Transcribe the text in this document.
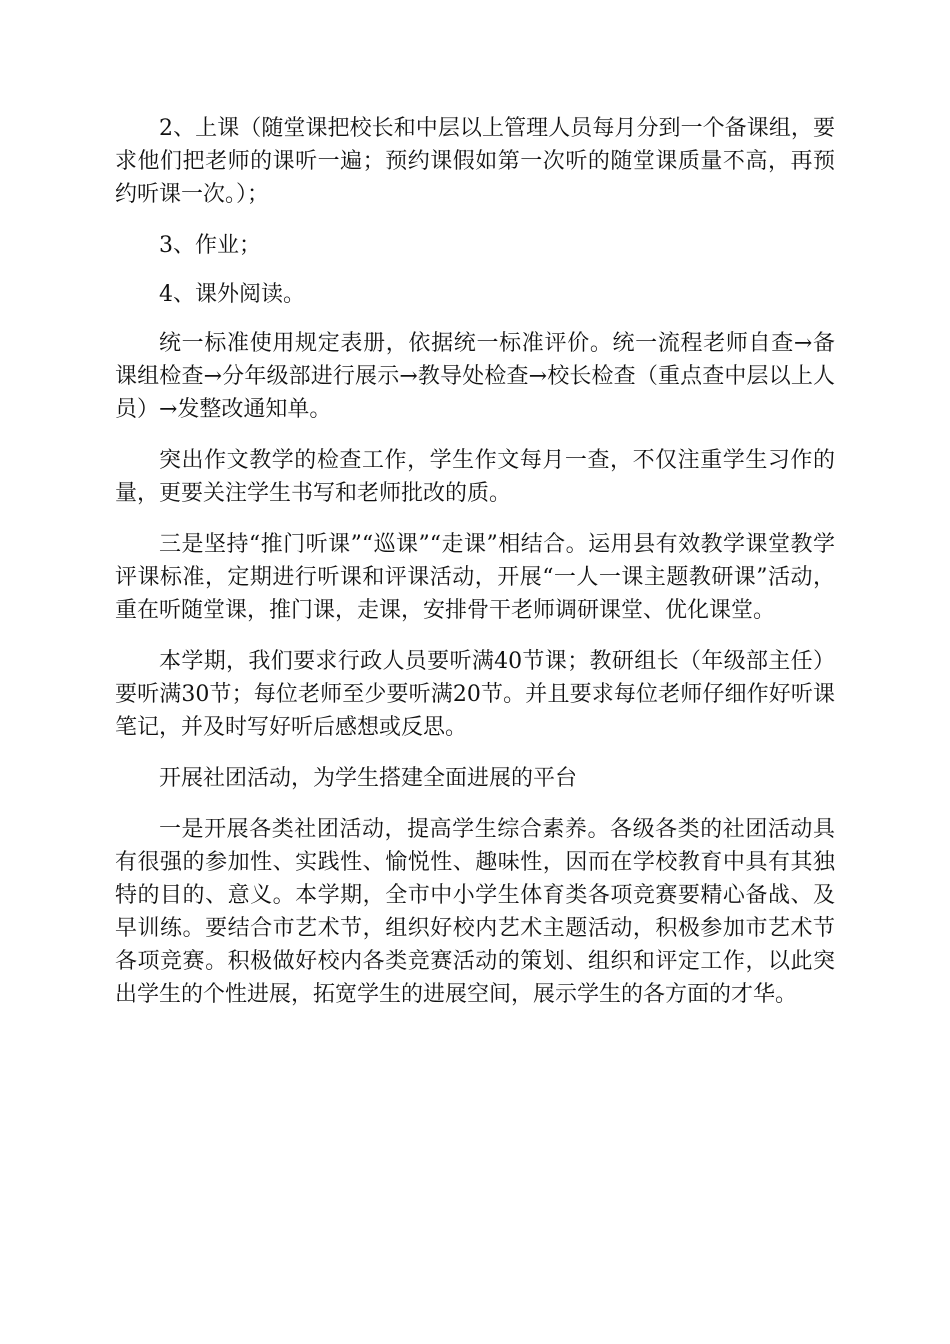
2、上课（随堂课把校长和中层以上管理人员每月分到一个备课组，要求他们把老师的课听一遍；预约课假如第一次听的随堂课质量不高，再预约听课一次。）；

3、作业；

4、课外阅读。

统一标准使用规定表册，依据统一标准评价。统一流程老师自查→备课组检查→分年级部进行展示→教导处检查→校长检查（重点查中层以上人员）→发整改通知单。

突出作文教学的检查工作，学生作文每月一查，不仅注重学生习作的量，更要关注学生书写和老师批改的质。

三是坚持“推门听课”“巡课”“走课”相结合。运用县有效教学课堂教学评课标准，定期进行听课和评课活动，开展“一人一课主题教研课”活动，重在听随堂课，推门课，走课，安排骨干老师调研课堂、优化课堂。

本学期，我们要求行政人员要听满40节课；教研组长（年级部主任）要听满30节；每位老师至少要听满20节。并且要求每位老师仔细作好听课笔记，并及时写好听后感想或反思。

开展社团活动，为学生搭建全面进展的平台

一是开展各类社团活动，提高学生综合素养。各级各类的社团活动具有很强的参加性、实践性、愉悦性、趣味性，因而在学校教育中具有其独特的目的、意义。本学期，全市中小学生体育类各项竞赛要精心备战、及早训练。要结合市艺术节，组织好校内艺术主题活动，积极参加市艺术节各项竞赛。积极做好校内各类竞赛活动的策划、组织和评定工作，以此突出学生的个性进展，拓宽学生的进展空间，展示学生的各方面的才华。
